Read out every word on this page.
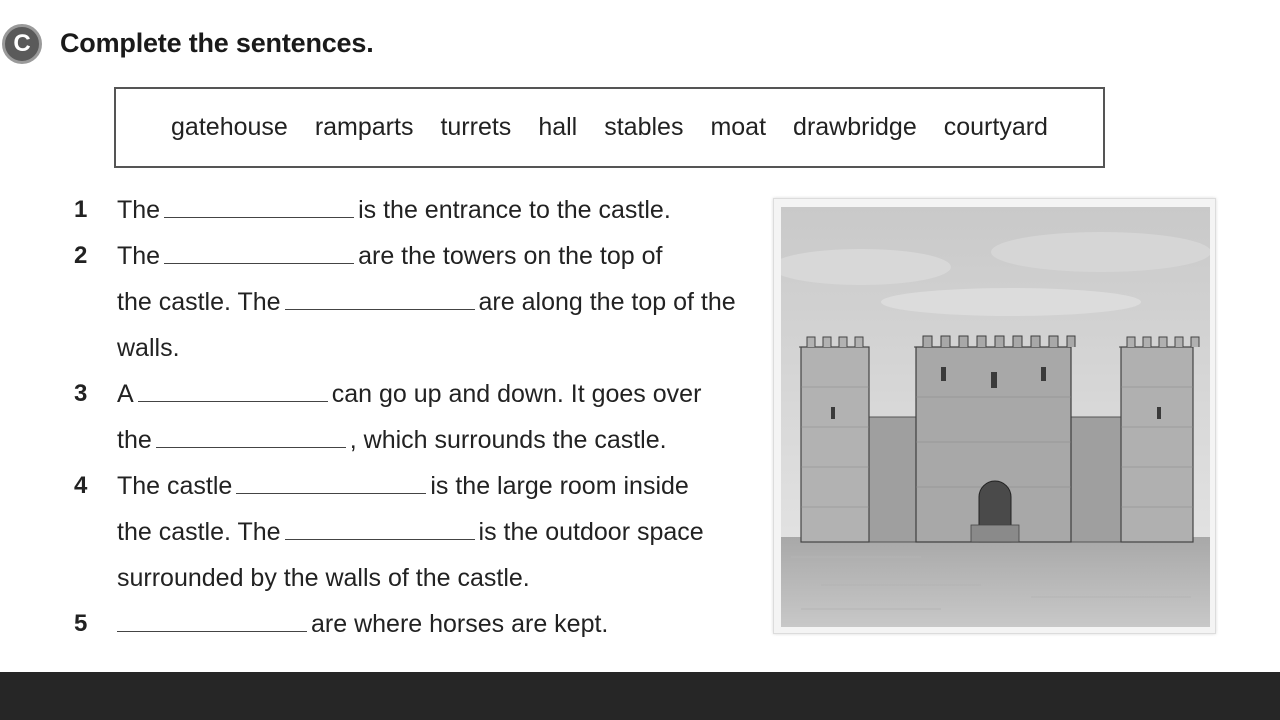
C Complete the sentences.
gatehouse ramparts turrets hall stables moat drawbridge courtyard
1 The	is the entrance to the castle.
2 The	are the towers on the top of
the castle. The	are along the top of the
walls.
3 A	can go up and down. It goes over
the	, which surrounds the castle.
4 The castle	is the large room inside
the castle. The	is the outdoor space
surrounded by the walls of the castle.
5	are where horses are kept.
